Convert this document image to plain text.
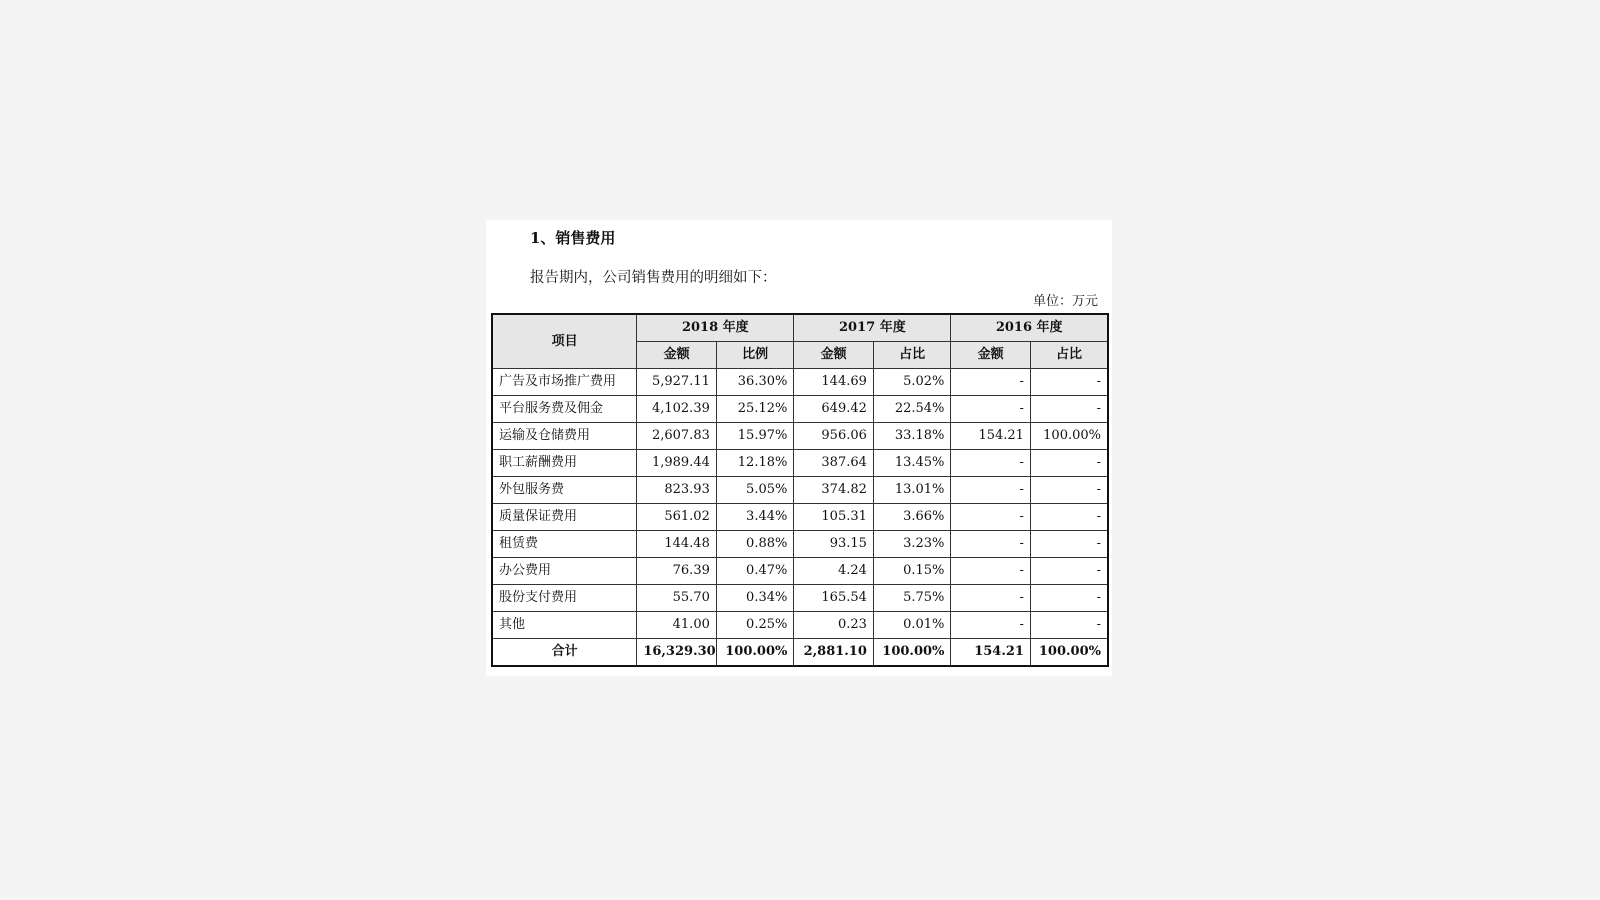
1、销售费用
报告期内，公司销售费用的明细如下：
单位：万元
项目	2018 年度		2017 年度		2016 年度	
	金额	比例	金额	占比	金额	占比
广告及市场推广费用	5,927.11	36.30%	144.69	5.02%	-	-
平台服务费及佣金	4,102.39	25.12%	649.42	22.54%	-	-
运输及仓储费用	2,607.83	15.97%	956.06	33.18%	154.21	100.00%
职工薪酬费用	1,989.44	12.18%	387.64	13.45%	-	-
外包服务费	823.93	5.05%	374.82	13.01%	-	-
质量保证费用	561.02	3.44%	105.31	3.66%	-	-
租赁费	144.48	0.88%	93.15	3.23%	-	-
办公费用	76.39	0.47%	4.24	0.15%	-	-
股份支付费用	55.70	0.34%	165.54	5.75%	-	-
其他	41.00	0.25%	0.23	0.01%	-	-
合计	16,329.30	100.00%	2,881.10	100.00%	154.21	100.00%
